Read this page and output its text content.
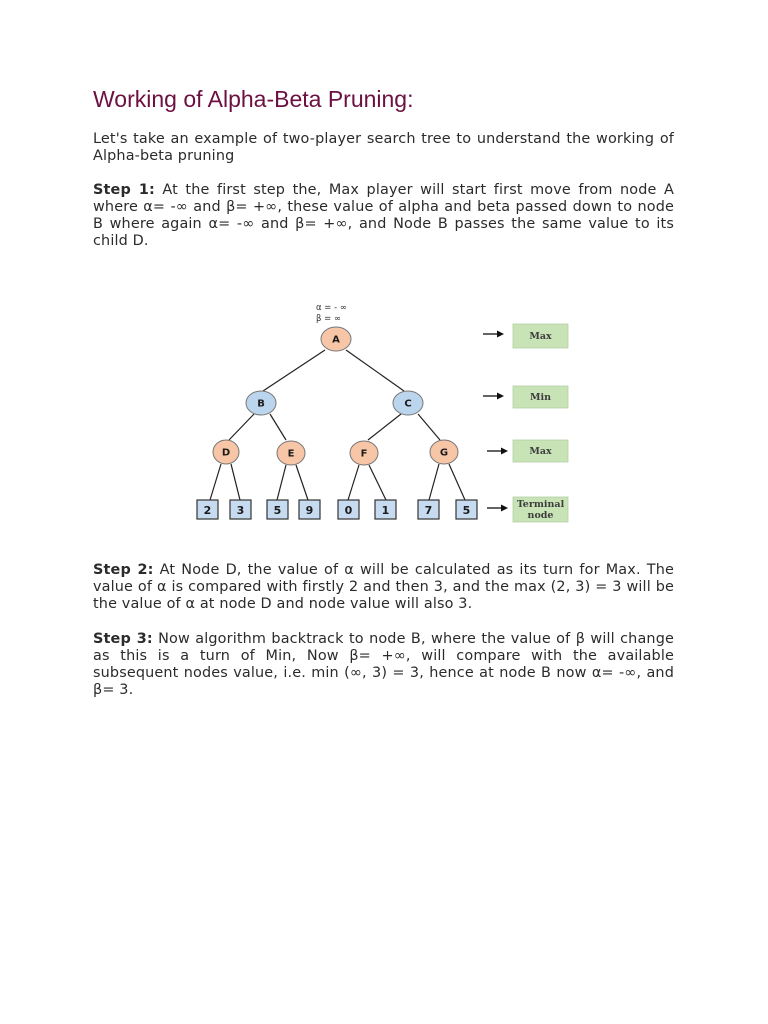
Working of Alpha-Beta Pruning:

Let's take an example of two-player search tree to understand the working of Alpha-beta pruning

Step 1: At the first step the, Max player will start first move from node A where α= -∞ and β= +∞, these value of alpha and beta passed down to node B where again α= -∞ and β= +∞, and Node B passes the same value to its child D.

α = - ∞
β = ∞
A
B	C
D	E	F	G
2 3	5 9	0	1	7	5
Max
Min
Max
Terminal
node

Step 2: At Node D, the value of α will be calculated as its turn for Max. The value of α is compared with firstly 2 and then 3, and the max (2, 3) = 3 will be the value of α at node D and node value will also 3.

Step 3: Now algorithm backtrack to node B, where the value of β will change as this is a turn of Min, Now β= +∞, will compare with the available subsequent nodes value, i.e. min (∞, 3) = 3, hence at node B now α= -∞, and β= 3.
